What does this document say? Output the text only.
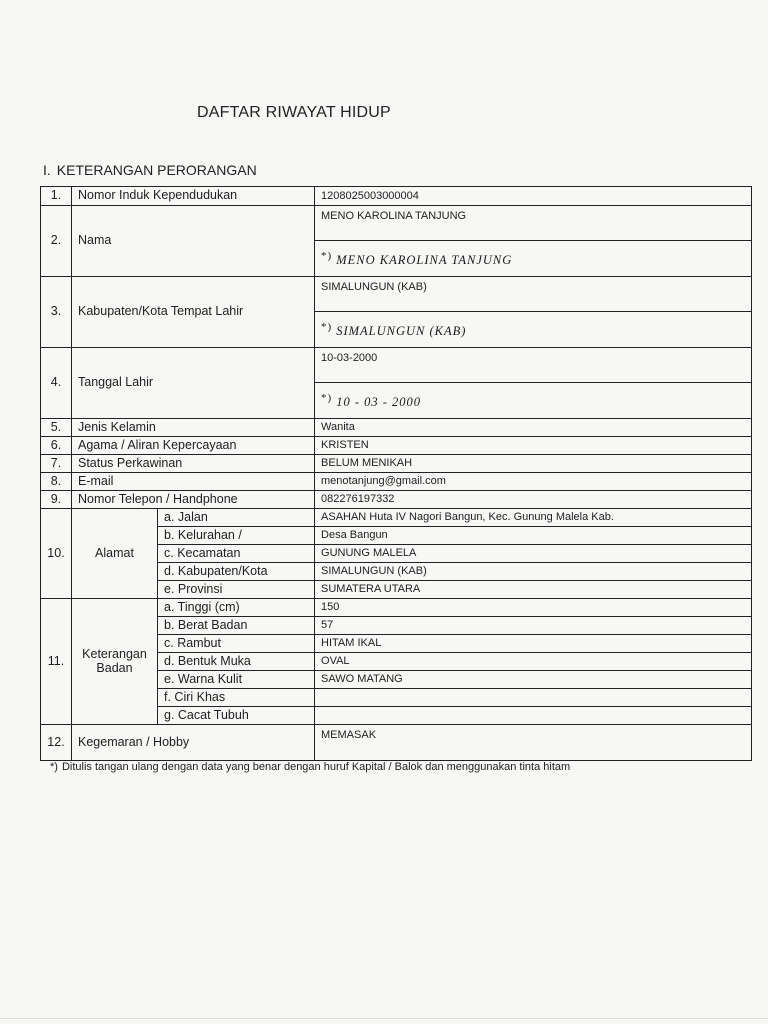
DAFTAR RIWAYAT HIDUP
I. KETERANGAN PERORANGAN
1.	Nomor Induk Kependudukan		1208025003000004
2.	Nama		MENO KAROLINA TANJUNG
			*) MENO KAROLINA TANJUNG
3.	Kabupaten/Kota Tempat Lahir		SIMALUNGUN (KAB)
			*) SIMALUNGUN (KAB)
4.	Tanggal Lahir		10-03-2000
			*) 10 - 03 - 2000
5.	Jenis Kelamin		Wanita
6.	Agama / Aliran Kepercayaan		KRISTEN
7.	Status Perkawinan		BELUM MENIKAH
8.	E-mail		menotanjung@gmail.com
9.	Nomor Telepon / Handphone		082276197332
10.	Alamat	a. Jalan	ASAHAN Huta IV Nagori Bangun, Kec. Gunung Malela Kab.
		b. Kelurahan /	Desa Bangun
		c. Kecamatan	GUNUNG MALELA
		d. Kabupaten/Kota	SIMALUNGUN (KAB)
		e. Provinsi	SUMATERA UTARA
11.	Keterangan Badan	a. Tinggi (cm)	150
		b. Berat Badan	57
		c. Rambut	HITAM IKAL
		d. Bentuk Muka	OVAL
		e. Warna Kulit	SAWO MATANG
		f. Ciri Khas	
		g. Cacat Tubuh	
12.	Kegemaran / Hobby		MEMASAK
*) Ditulis tangan ulang dengan data yang benar dengan huruf Kapital / Balok dan menggunakan tinta hitam
